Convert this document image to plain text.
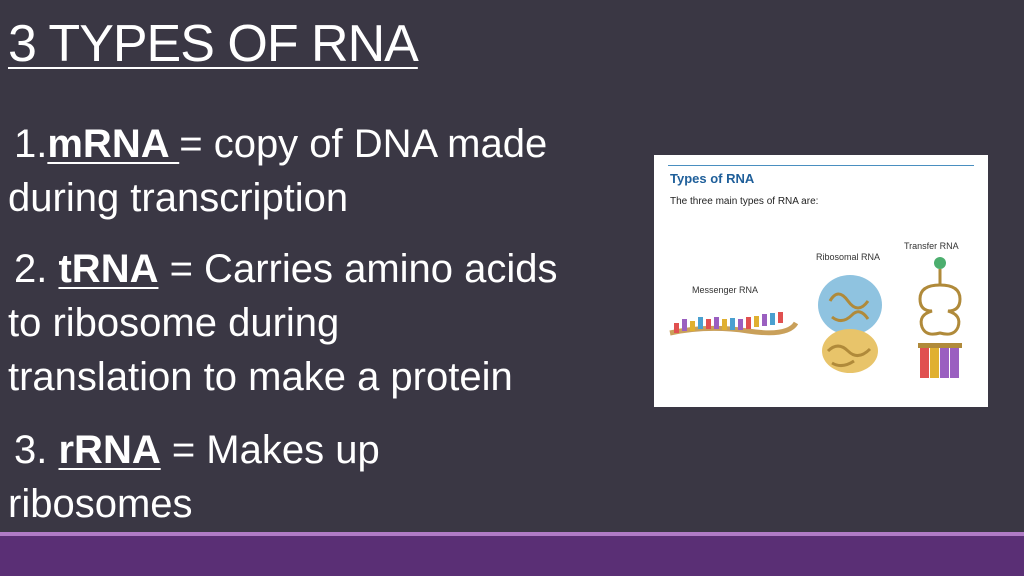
3 TYPES OF RNA
1.mRNA = copy of DNA made
during transcription
2. tRNA = Carries amino acids
to ribosome during
translation to make a protein
3. rRNA = Makes up
ribosomes
Types of RNA
The three main types of RNA are:
Messenger RNA
Ribosomal RNA
Transfer RNA
